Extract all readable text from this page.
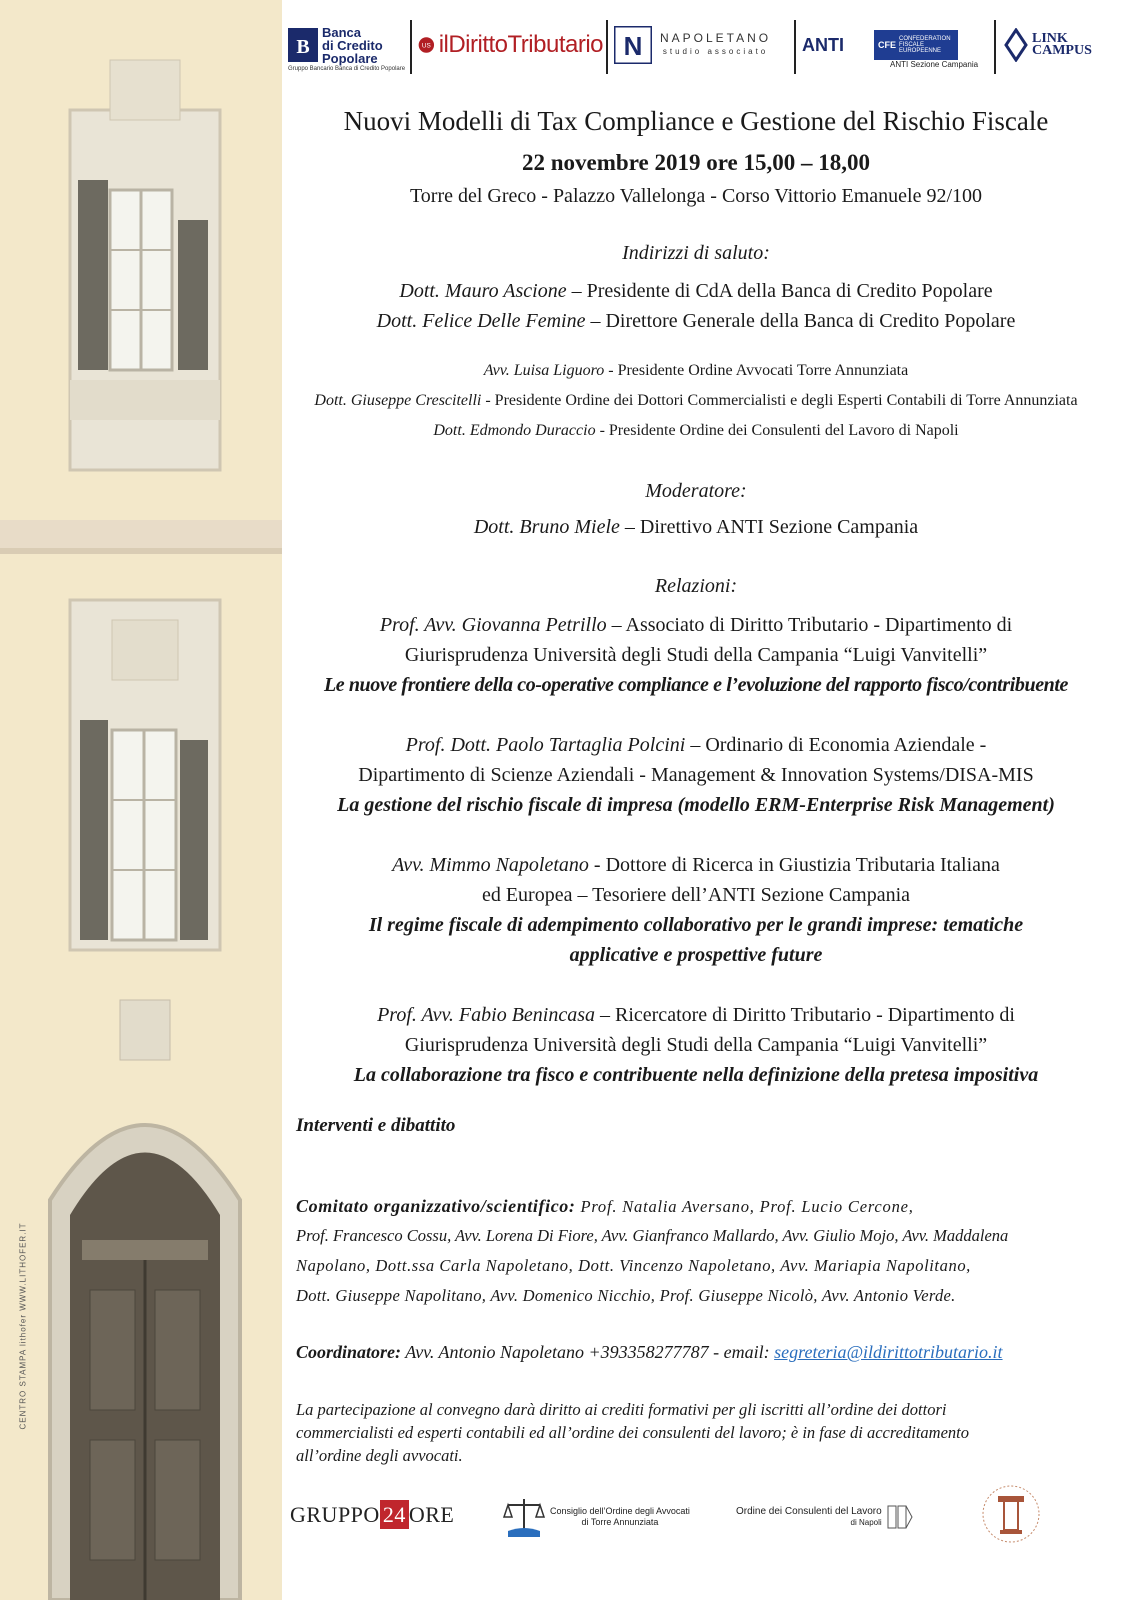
CENTRO STAMPA lithofer WWW.LITHOFER.IT
B
Banca
di Credito
Popolare
Gruppo Bancario Banca di Credito Popolare
US ilDirittoTributario N NAPOLETANO
studio associato ANTI	CFE
CONFEDERATION FISCALE EUROPEENNE
ANTI Sezione Campania
LINK
CAMPUS
Nuovi Modelli di Tax Compliance e Gestione del Rischio Fiscale
22 novembre 2019 ore 15,00 – 18,00
Torre del Greco - Palazzo Vallelonga - Corso Vittorio Emanuele 92/100
Indirizzi di saluto:
Dott. Mauro Ascione – Presidente di CdA della Banca di Credito Popolare
Dott. Felice Delle Femine – Direttore Generale della Banca di Credito Popolare
Avv. Luisa Liguoro - Presidente Ordine Avvocati Torre Annunziata
Dott. Giuseppe Crescitelli - Presidente Ordine dei Dottori Commercialisti e degli Esperti Contabili di Torre Annunziata
Dott. Edmondo Duraccio - Presidente Ordine dei Consulenti del Lavoro di Napoli
Moderatore:
Dott. Bruno Miele – Direttivo ANTI Sezione Campania
Relazioni:
Prof. Avv. Giovanna Petrillo – Associato di Diritto Tributario - Dipartimento di
Giurisprudenza Università degli Studi della Campania “Luigi Vanvitelli”
Le nuove frontiere della co-operative compliance e l’evoluzione del rapporto fisco/contribuente
Prof. Dott. Paolo Tartaglia Polcini – Ordinario di Economia Aziendale -
Dipartimento di Scienze Aziendali - Management & Innovation Systems/DISA-MIS
La gestione del rischio fiscale di impresa (modello ERM-Enterprise Risk Management)
Avv. Mimmo Napoletano - Dottore di Ricerca in Giustizia Tributaria Italiana
ed Europea – Tesoriere dell’ANTI Sezione Campania
Il regime fiscale di adempimento collaborativo per le grandi imprese: tematiche
applicative e prospettive future
Prof. Avv. Fabio Benincasa – Ricercatore di Diritto Tributario - Dipartimento di
Giurisprudenza Università degli Studi della Campania “Luigi Vanvitelli”
La collaborazione tra fisco e contribuente nella definizione della pretesa impositiva
Interventi e dibattito
Comitato organizzativo/scientifico: Prof. Natalia Aversano, Prof. Lucio Cercone,
Prof. Francesco Cossu, Avv. Lorena Di Fiore, Avv. Gianfranco Mallardo, Avv. Giulio Mojo, Avv. Maddalena
Napolano, Dott.ssa Carla Napoletano, Dott. Vincenzo Napoletano, Avv. Mariapia Napolitano,
Dott. Giuseppe Napolitano, Avv. Domenico Nicchio, Prof. Giuseppe Nicolò, Avv. Antonio Verde.
Coordinatore: Avv. Antonio Napoletano +393358277787 - email: segreteria@ildirittotributario.it
La partecipazione al convegno darà diritto ai crediti formativi per gli iscritti all’ordine dei dottori
commercialisti ed esperti contabili ed all’ordine dei consulenti del lavoro; è in fase di accreditamento
all’ordine degli avvocati.
GRUPPO 24 ORE	Consiglio dell’Ordine degli Avvocati
di Torre Annunziata
Ordine dei Consulenti del Lavoro
di Napoli
